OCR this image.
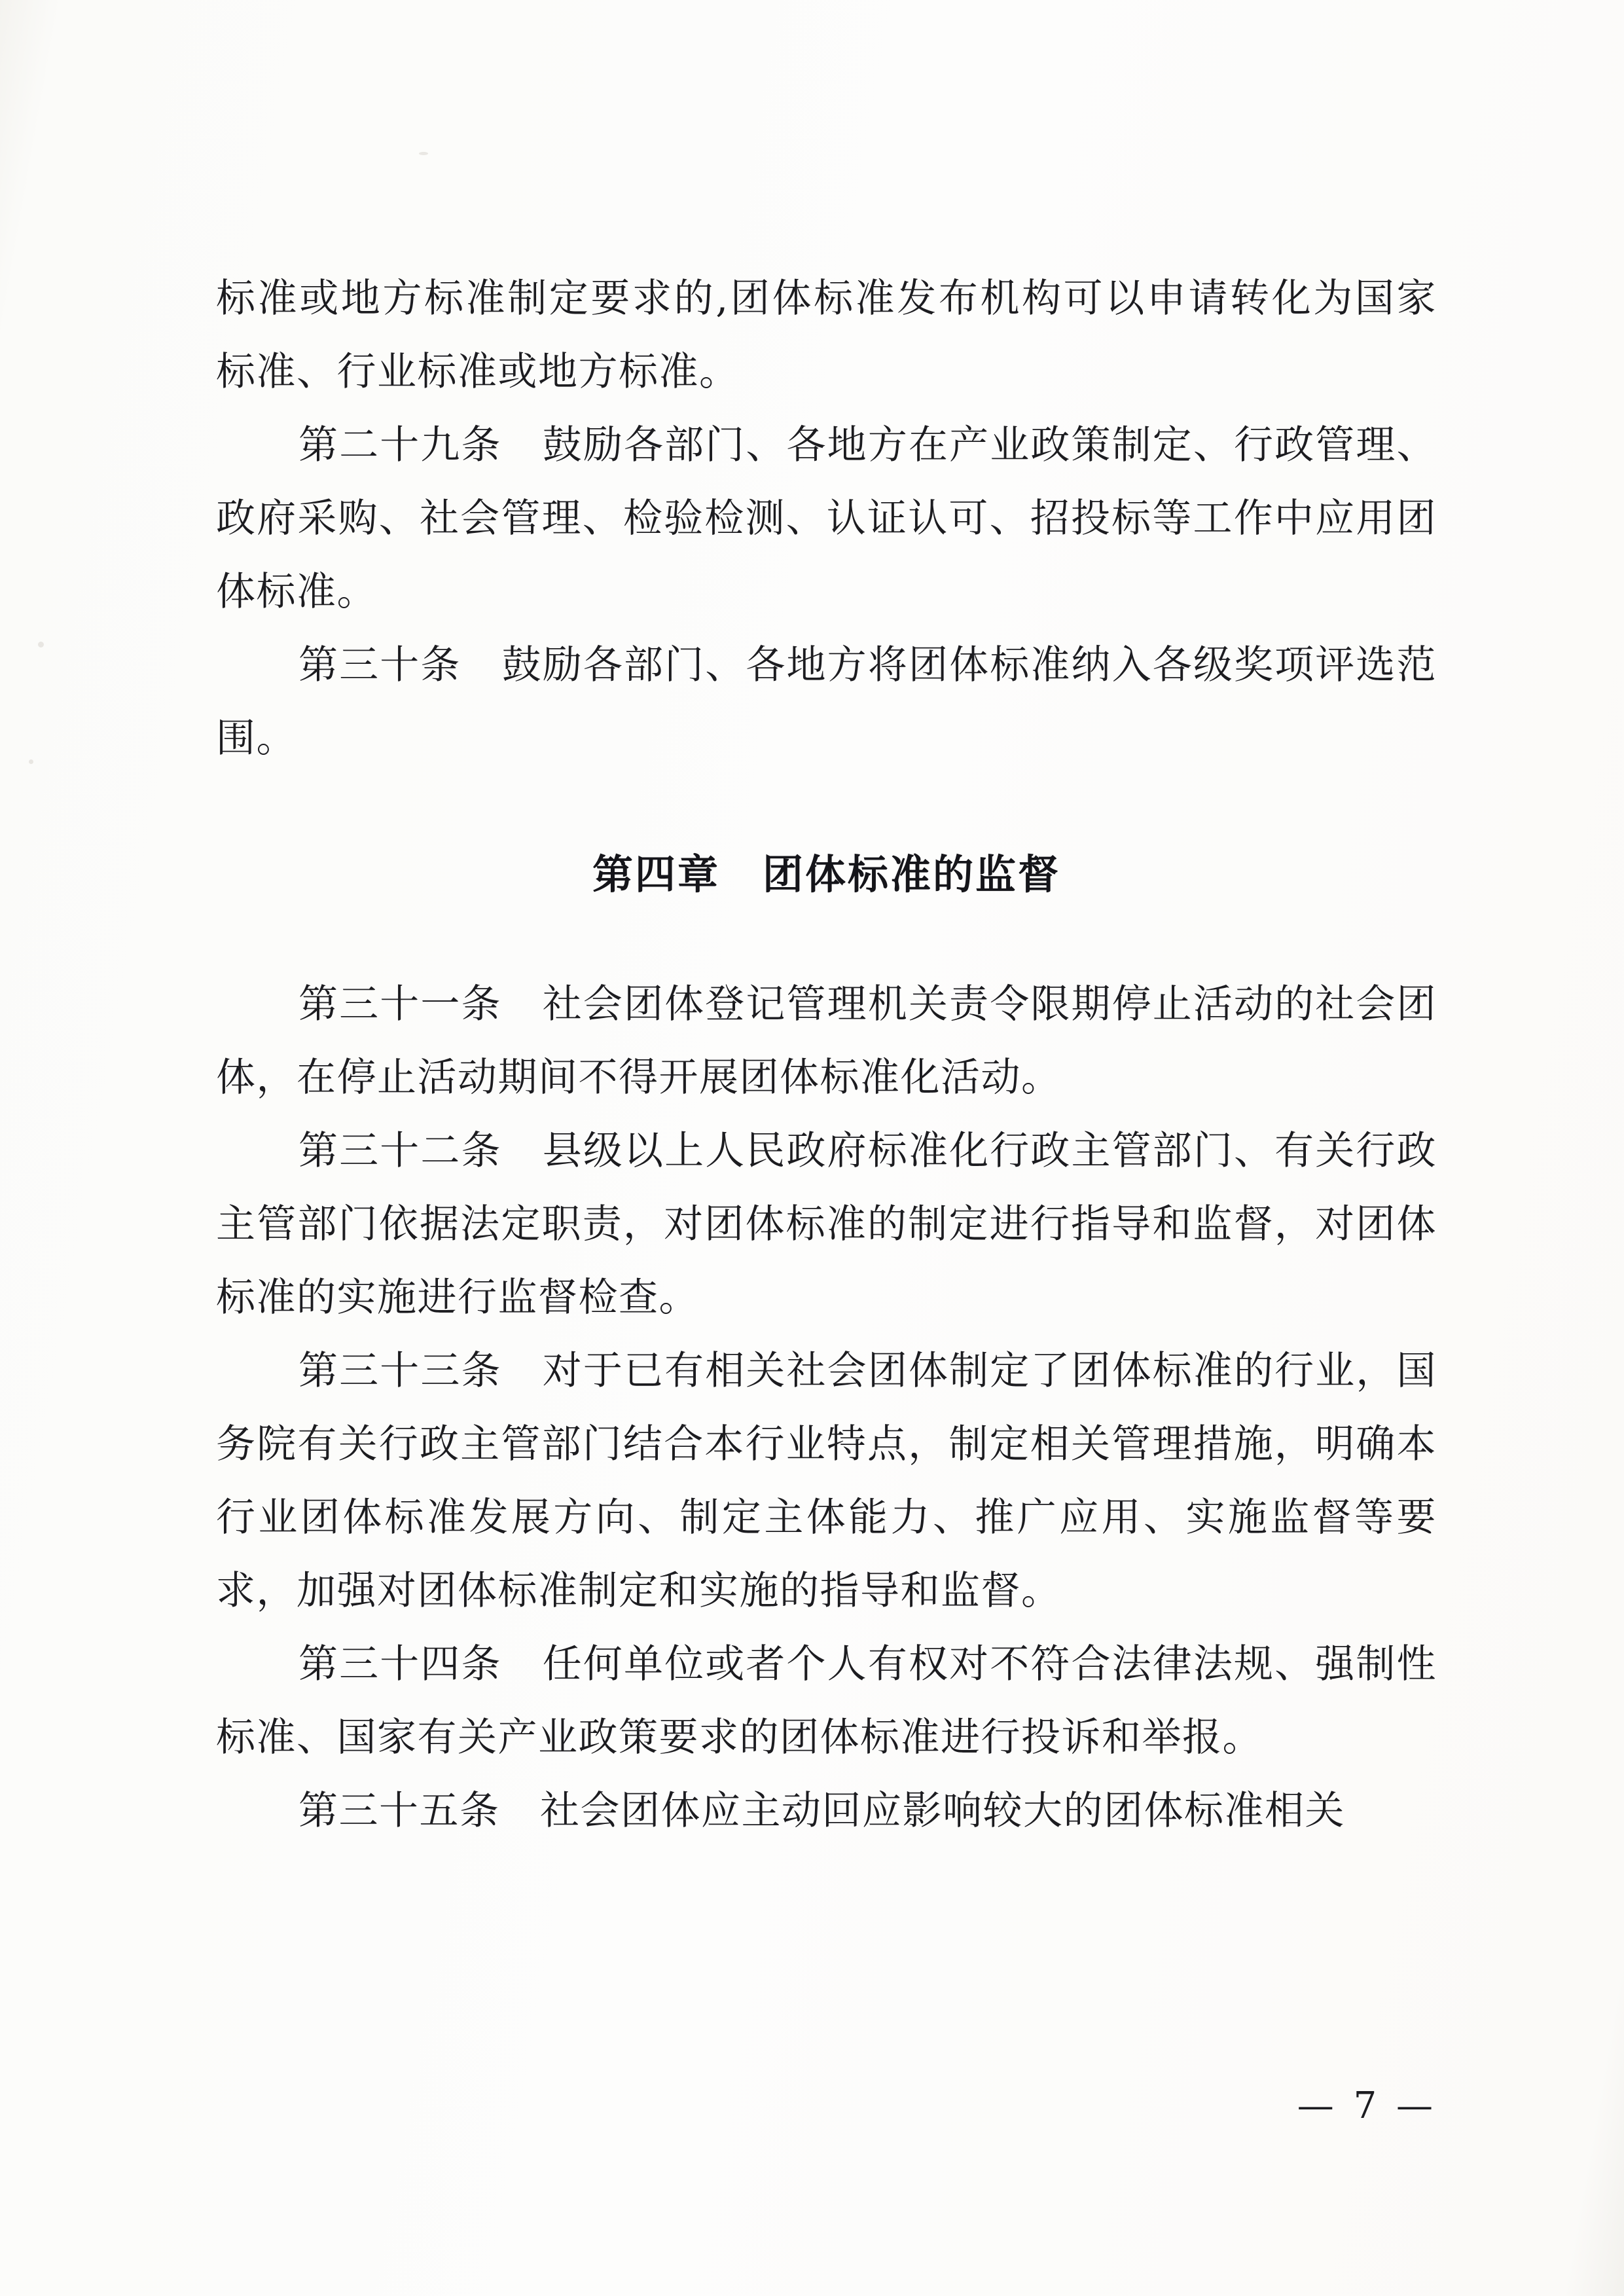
标准或地方标准制定要求的,团体标准发布机构可以申请转化为国家标准、行业标准或地方标准。

第二十九条　鼓励各部门、各地方在产业政策制定、行政管理、政府采购、社会管理、检验检测、认证认可、招投标等工作中应用团体标准。

第三十条　鼓励各部门、各地方将团体标准纳入各级奖项评选范围。

第四章　团体标准的监督

第三十一条　社会团体登记管理机关责令限期停止活动的社会团体，在停止活动期间不得开展团体标准化活动。

第三十二条　县级以上人民政府标准化行政主管部门、有关行政主管部门依据法定职责，对团体标准的制定进行指导和监督，对团体标准的实施进行监督检查。

第三十三条　对于已有相关社会团体制定了团体标准的行业，国务院有关行政主管部门结合本行业特点，制定相关管理措施，明确本行业团体标准发展方向、制定主体能力、推广应用、实施监督等要求，加强对团体标准制定和实施的指导和监督。

第三十四条　任何单位或者个人有权对不符合法律法规、强制性标准、国家有关产业政策要求的团体标准进行投诉和举报。

第三十五条　社会团体应主动回应影响较大的团体标准相关

— 7 —
